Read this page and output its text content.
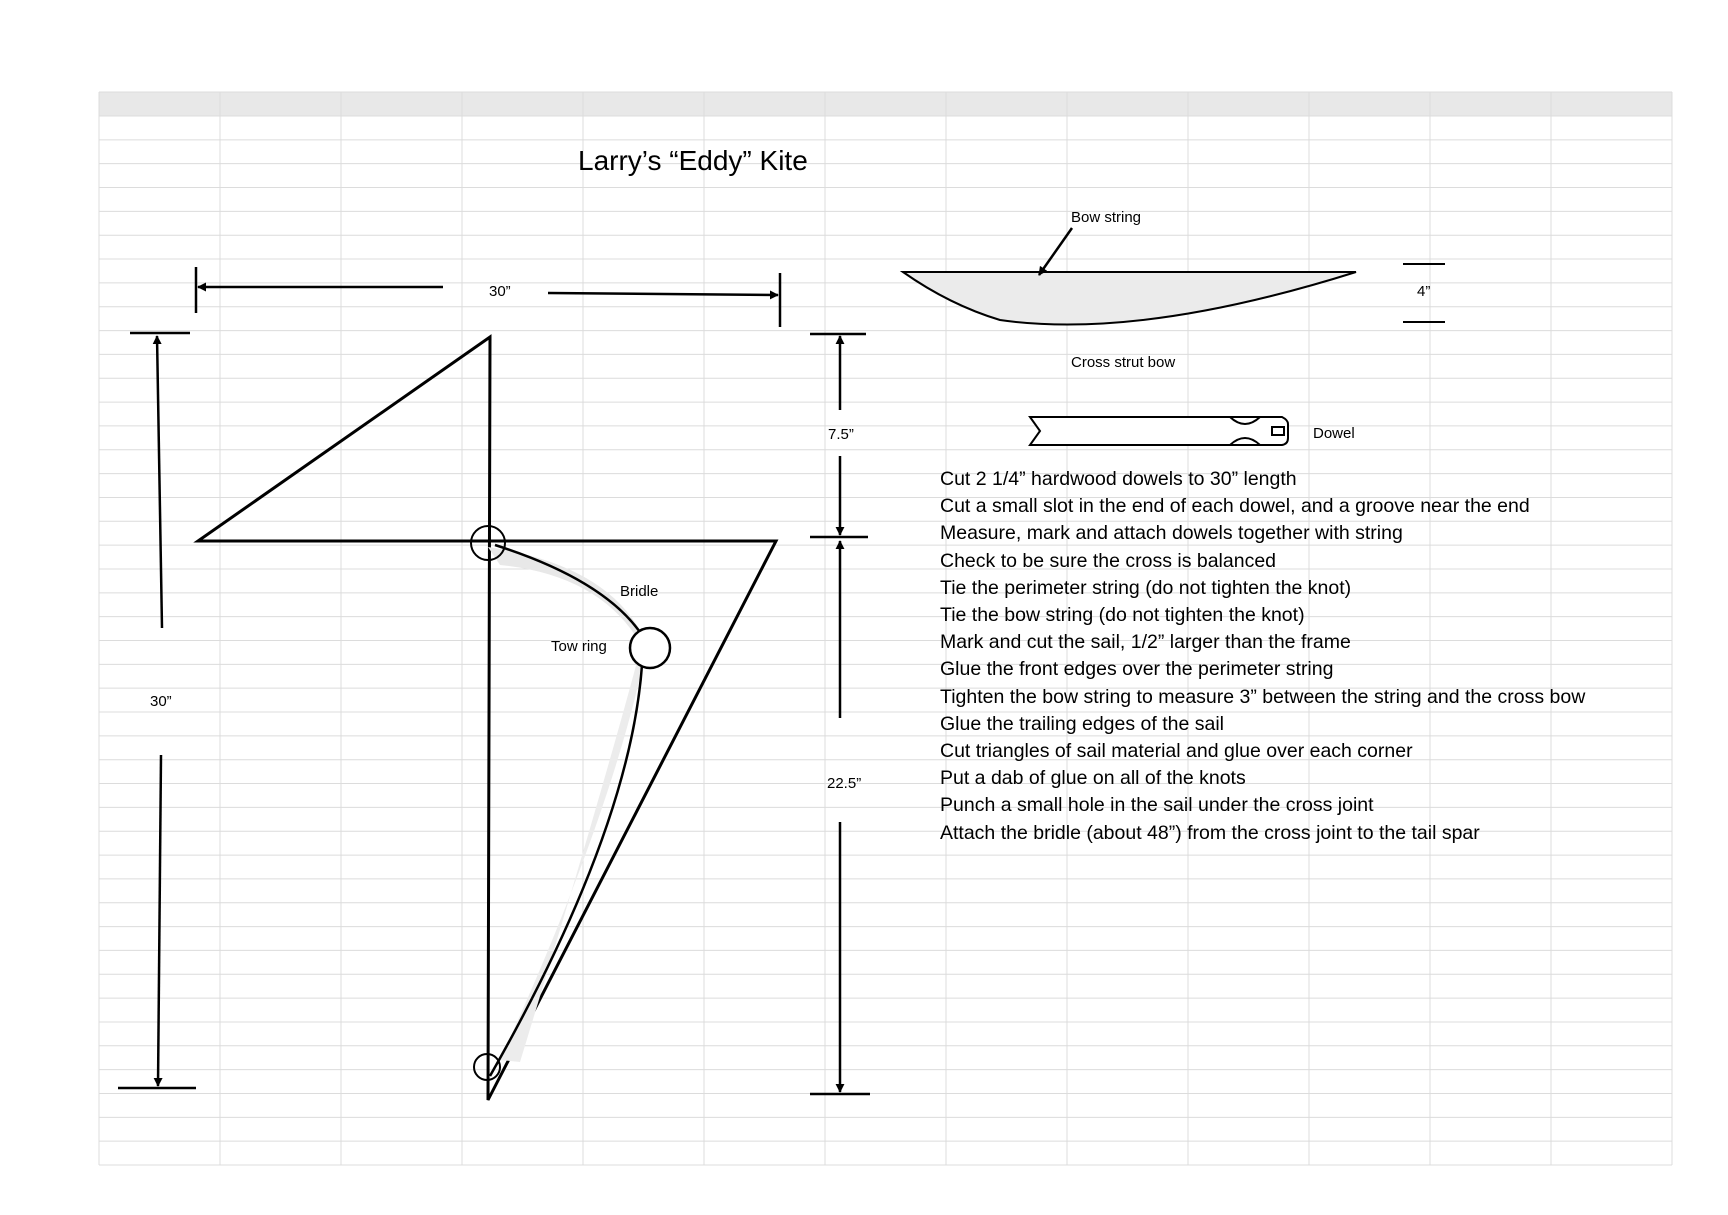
Larry’s “Eddy” Kite
30”
30”
7.5”
22.5”
Bow string
4”
Cross strut bow
Dowel
Bridle
Tow ring
Cut 2 1/4” hardwood dowels to 30” length
Cut a small slot in the end of each dowel, and a groove near the end
Measure, mark and attach dowels together with string
Check to be sure the cross is balanced
Tie the perimeter string (do not tighten the knot)
Tie the bow string (do not tighten the knot)
Mark and cut the sail, 1/2” larger than the frame
Glue the front edges over the perimeter string
Tighten the bow string to measure 3” between the string and the cross bow
Glue the trailing edges of the sail
Cut triangles of sail material and glue over each corner
Put a dab of glue on all of the knots
Punch a small hole in the sail under the cross joint
Attach the bridle (about 48”) from the cross joint to the tail spar
